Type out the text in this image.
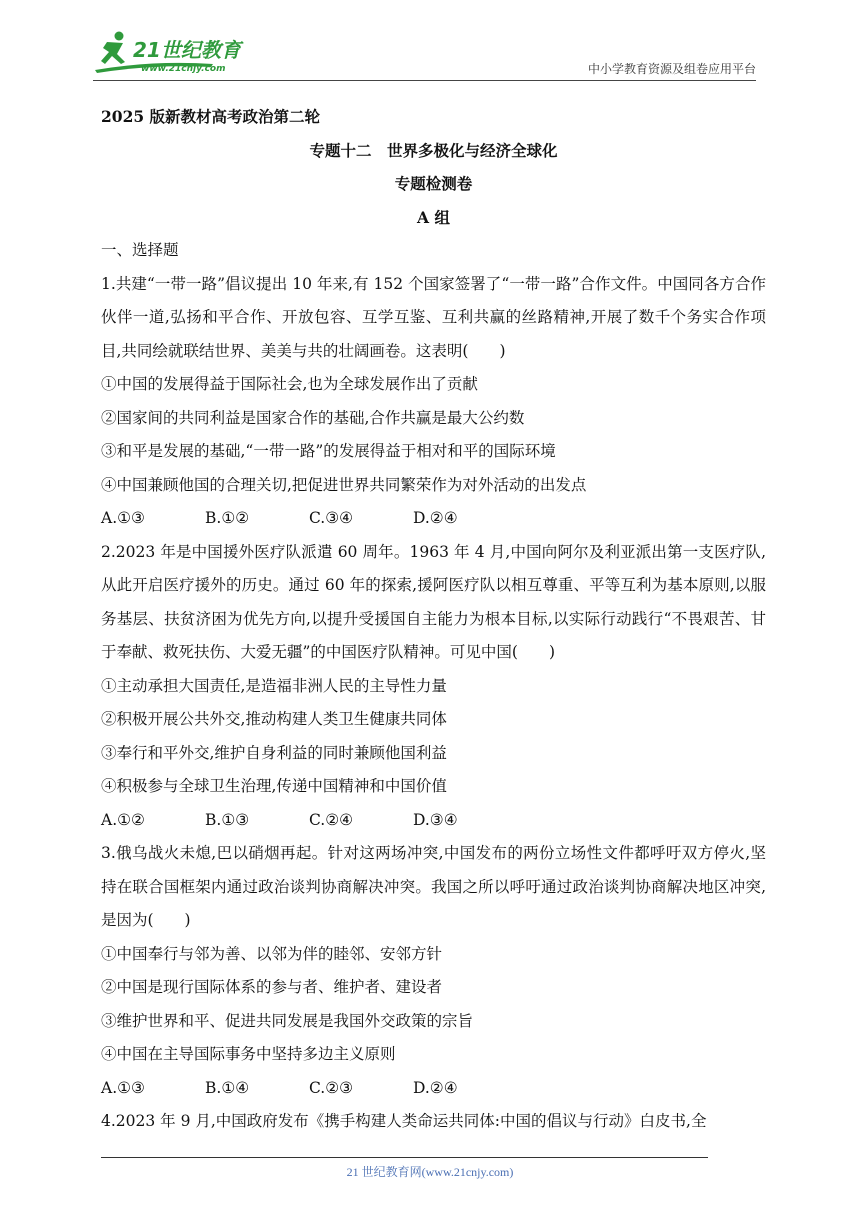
21世纪教育
www.21cnjy.com	中小学教育资源及组卷应用平台
2025 版新教材高考政治第二轮
专题十二　世界多极化与经济全球化
专题检测卷
A 组
一、选择题
1.共建“一带一路”倡议提出 10 年来,有 152 个国家签署了“一带一路”合作文件。中国同各方合作伙伴一道,弘扬和平合作、开放包容、互学互鉴、互利共赢的丝路精神,开展了数千个务实合作项目,共同绘就联结世界、美美与共的壮阔画卷。这表明(　　)
①中国的发展得益于国际社会,也为全球发展作出了贡献
②国家间的共同利益是国家合作的基础,合作共赢是最大公约数
③和平是发展的基础,“一带一路”的发展得益于相对和平的国际环境
④中国兼顾他国的合理关切,把促进世界共同繁荣作为对外活动的出发点
A.①③	B.①②	C.③④	D.②④
2.2023 年是中国援外医疗队派遣 60 周年。1963 年 4 月,中国向阿尔及利亚派出第一支医疗队,从此开启医疗援外的历史。通过 60 年的探索,援阿医疗队以相互尊重、平等互利为基本原则,以服务基层、扶贫济困为优先方向,以提升受援国自主能力为根本目标,以实际行动践行“不畏艰苦、甘于奉献、救死扶伤、大爱无疆”的中国医疗队精神。可见中国(　　)
①主动承担大国责任,是造福非洲人民的主导性力量
②积极开展公共外交,推动构建人类卫生健康共同体
③奉行和平外交,维护自身利益的同时兼顾他国利益
④积极参与全球卫生治理,传递中国精神和中国价值
A.①②	B.①③	C.②④	D.③④
3.俄乌战火未熄,巴以硝烟再起。针对这两场冲突,中国发布的两份立场性文件都呼吁双方停火,坚持在联合国框架内通过政治谈判协商解决冲突。我国之所以呼吁通过政治谈判协商解决地区冲突,是因为(　　)
①中国奉行与邻为善、以邻为伴的睦邻、安邻方针
②中国是现行国际体系的参与者、维护者、建设者
③维护世界和平、促进共同发展是我国外交政策的宗旨
④中国在主导国际事务中坚持多边主义原则
A.①③	B.①④	C.②③	D.②④
4.2023 年 9 月,中国政府发布《携手构建人类命运共同体:中国的倡议与行动》白皮书,全
21 世纪教育网(www.21cnjy.com)
